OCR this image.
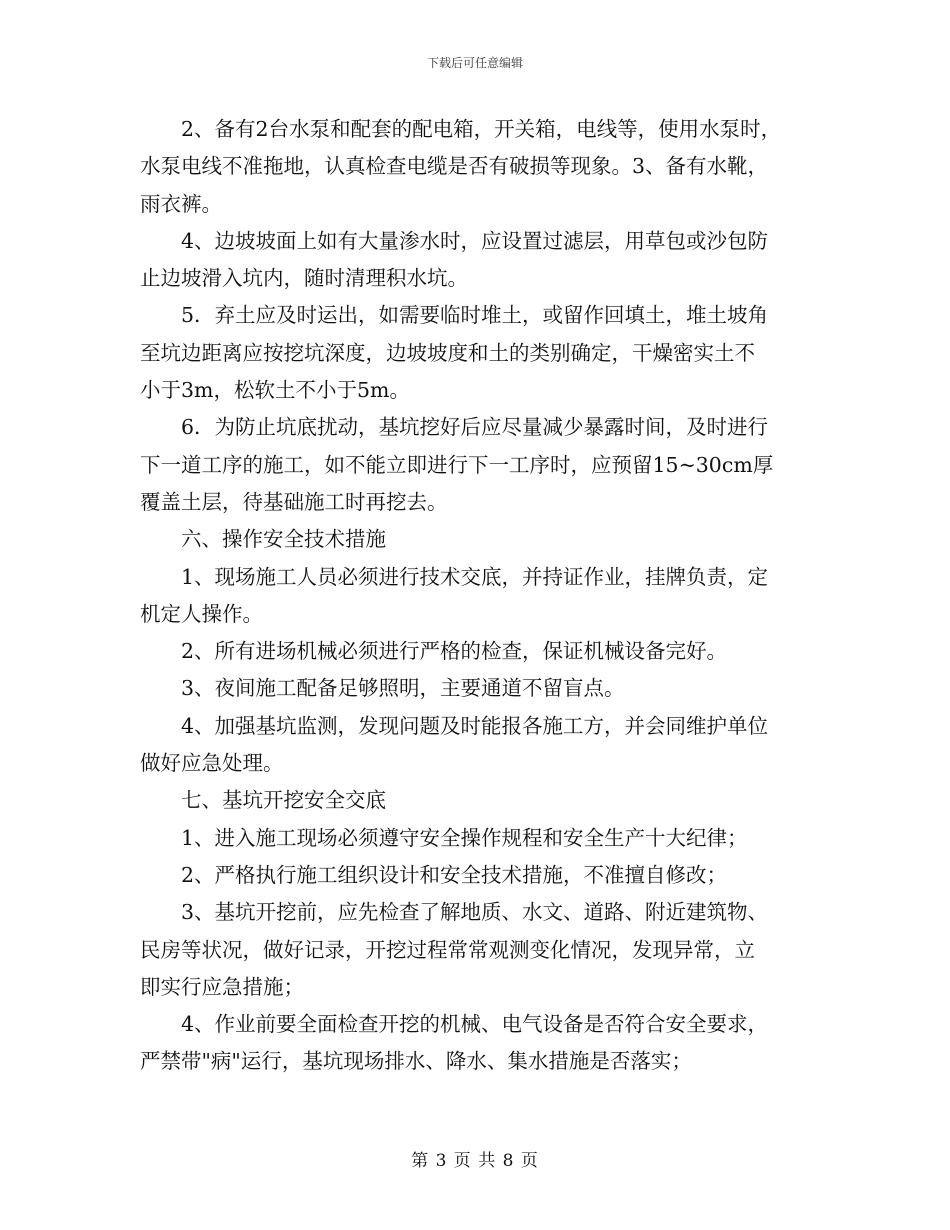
下载后可任意编辑

2、备有2台水泵和配套的配电箱，开关箱，电线等，使用水泵时，
水泵电线不准拖地，认真检查电缆是否有破损等现象。3、备有水靴，
雨衣裤。

4、边坡坡面上如有大量渗水时，应设置过滤层，用草包或沙包防
止边坡滑入坑内，随时清理积水坑。

5．弃土应及时运出，如需要临时堆土，或留作回填土，堆土坡角
至坑边距离应按挖坑深度，边坡坡度和土的类别确定，干燥密实土不
小于3m，松软土不小于5m。

6．为防止坑底扰动，基坑挖好后应尽量减少暴露时间，及时进行
下一道工序的施工，如不能立即进行下一工序时，应预留15~30cm厚
覆盖土层，待基础施工时再挖去。

六、操作安全技术措施

1、现场施工人员必须进行技术交底，并持证作业，挂牌负责，定
机定人操作。

2、所有进场机械必须进行严格的检查，保证机械设备完好。

3、夜间施工配备足够照明，主要通道不留盲点。

4、加强基坑监测，发现问题及时能报各施工方，并会同维护单位
做好应急处理。

七、基坑开挖安全交底

1、进入施工现场必须遵守安全操作规程和安全生产十大纪律；

2、严格执行施工组织设计和安全技术措施，不准擅自修改；

3、基坑开挖前，应先检查了解地质、水文、道路、附近建筑物、
民房等状况，做好记录，开挖过程常常观测变化情况，发现异常，立
即实行应急措施；

4、作业前要全面检查开挖的机械、电气设备是否符合安全要求，
严禁带"病"运行，基坑现场排水、降水、集水措施是否落实；

第 3 页 共 8 页
